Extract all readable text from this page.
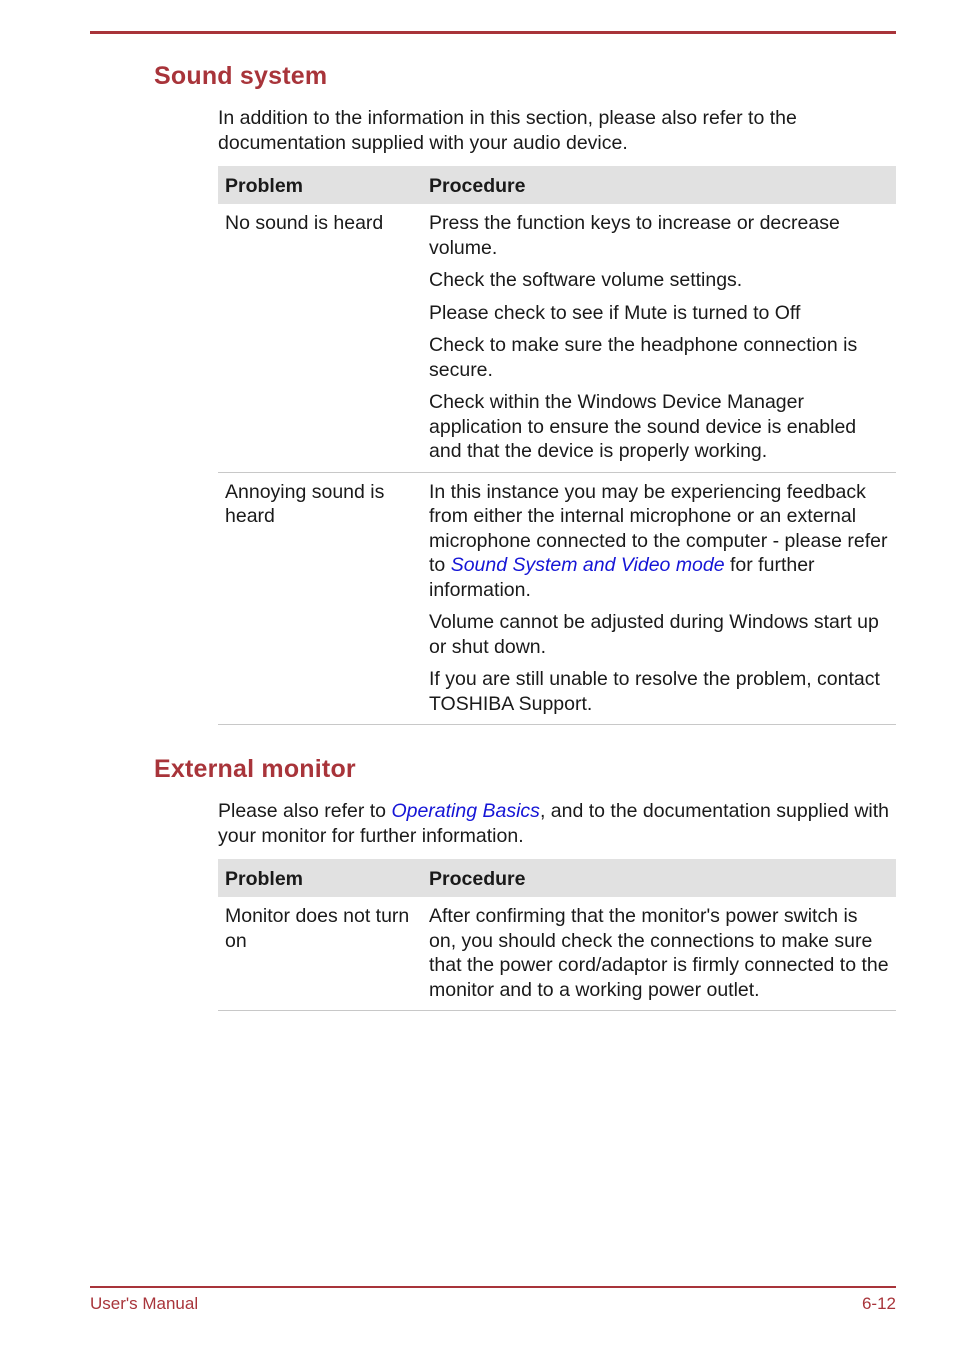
Sound system

In addition to the information in this section, please also refer to the documentation supplied with your audio device.

Problem	Procedure
No sound is heard	Press the function keys to increase or decrease volume.

Check the software volume settings.

Please check to see if Mute is turned to Off

Check to make sure the headphone connection is secure.

Check within the Windows Device Manager application to ensure the sound device is enabled and that the device is properly working.

Annoying sound is heard	In this instance you may be experiencing feedback from either the internal microphone or an external microphone connected to the computer - please refer to Sound System and Video mode for further information.

Volume cannot be adjusted during Windows start up or shut down.

If you are still unable to resolve the problem, contact TOSHIBA Support.

External monitor

Please also refer to Operating Basics, and to the documentation supplied with your monitor for further information.

Problem	Procedure
Monitor does not turn on	After confirming that the monitor's power switch is on, you should check the connections to make sure that the power cord/adaptor is firmly connected to the monitor and to a working power outlet.

User's Manual	6-12
